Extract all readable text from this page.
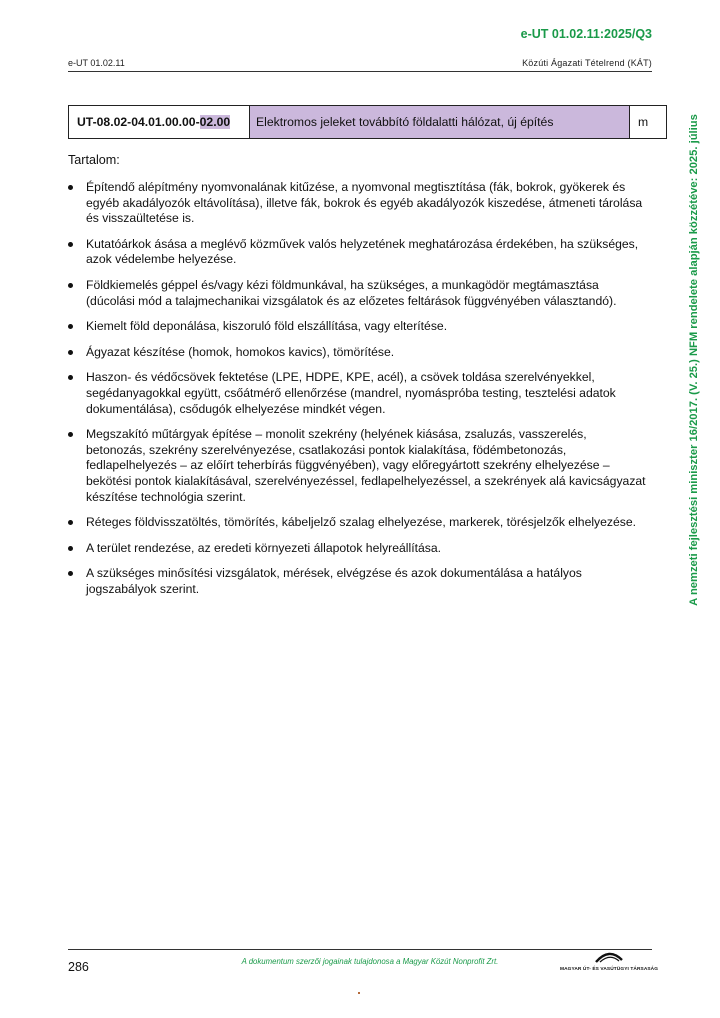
e-UT 01.02.11:2025/Q3
e-UT 01.02.11	Közúti Ágazati Tételrend (KÁT)
UT-08.02-04.01.00.00- 02.00	Elektromos jeleket továbbító földalatti hálózat, új építés	m
Tartalom:
Építendő alépítmény nyomvonalának kitűzése, a nyomvonal megtisztítása (fák, bokrok, gyökerek és egyéb akadályozók eltávolítása), illetve fák, bokrok és egyéb akadályozók kiszedése, átmeneti tárolása és visszaültetése is.
Kutatóárkok ásása a meglévő közművek valós helyzetének meghatározása érdekében, ha szükséges, azok védelembe helyezése.
Földkiemelés géppel és/vagy kézi földmunkával, ha szükséges, a munkagödör megtámasztása (dúcolási mód a talajmechanikai vizsgálatok és az előzetes feltárások függvényében választandó).
Kiemelt föld deponálása, kiszoruló föld elszállítása, vagy elterítése.
Ágyazat készítése (homok, homokos kavics), tömörítése.
Haszon- és védőcsövek fektetése (LPE, HDPE, KPE, acél), a csövek toldása szerelvényekkel, segédanyagokkal együtt, csőátmérő ellenőrzése (mandrel, nyomáspróba testing, tesztelési adatok dokumentálása), csődugók elhelyezése mindkét végen.
Megszakító műtárgyak építése – monolit szekrény (helyének kiásása, zsaluzás, vasszerelés, betonozás, szekrény szerelvényezése, csatlakozási pontok kialakítása, födémbetonozás, fedlapelhelyezés – az előírt teherbírás függvényében), vagy előregyártott szekrény elhelyezése – bekötési pontok kialakításával, szerelvényezéssel, fedlapelhelyezéssel, a szekrények alá kavicságyazat készítése technológia szerint.
Réteges földvisszatöltés, tömörítés, kábeljelző szalag elhelyezése, markerek, törésjelzők elhelyezése.
A terület rendezése, az eredeti környezeti állapotok helyreállítása.
A szükséges minősítési vizsgálatok, mérések, elvégzése és azok dokumentálása a hatályos jogszabályok szerint.	A nemzeti fejlesztési miniszter 16/2017. (V. 25.) NFM rendelete alapján közzétéve: 2025. július
286	A dokumentum szerzői jogainak tulajdonosa a Magyar Közút Nonprofit Zrt.
MAGYAR ÚT- ÉS VASÚTÜGYI TÁRSASÁG
